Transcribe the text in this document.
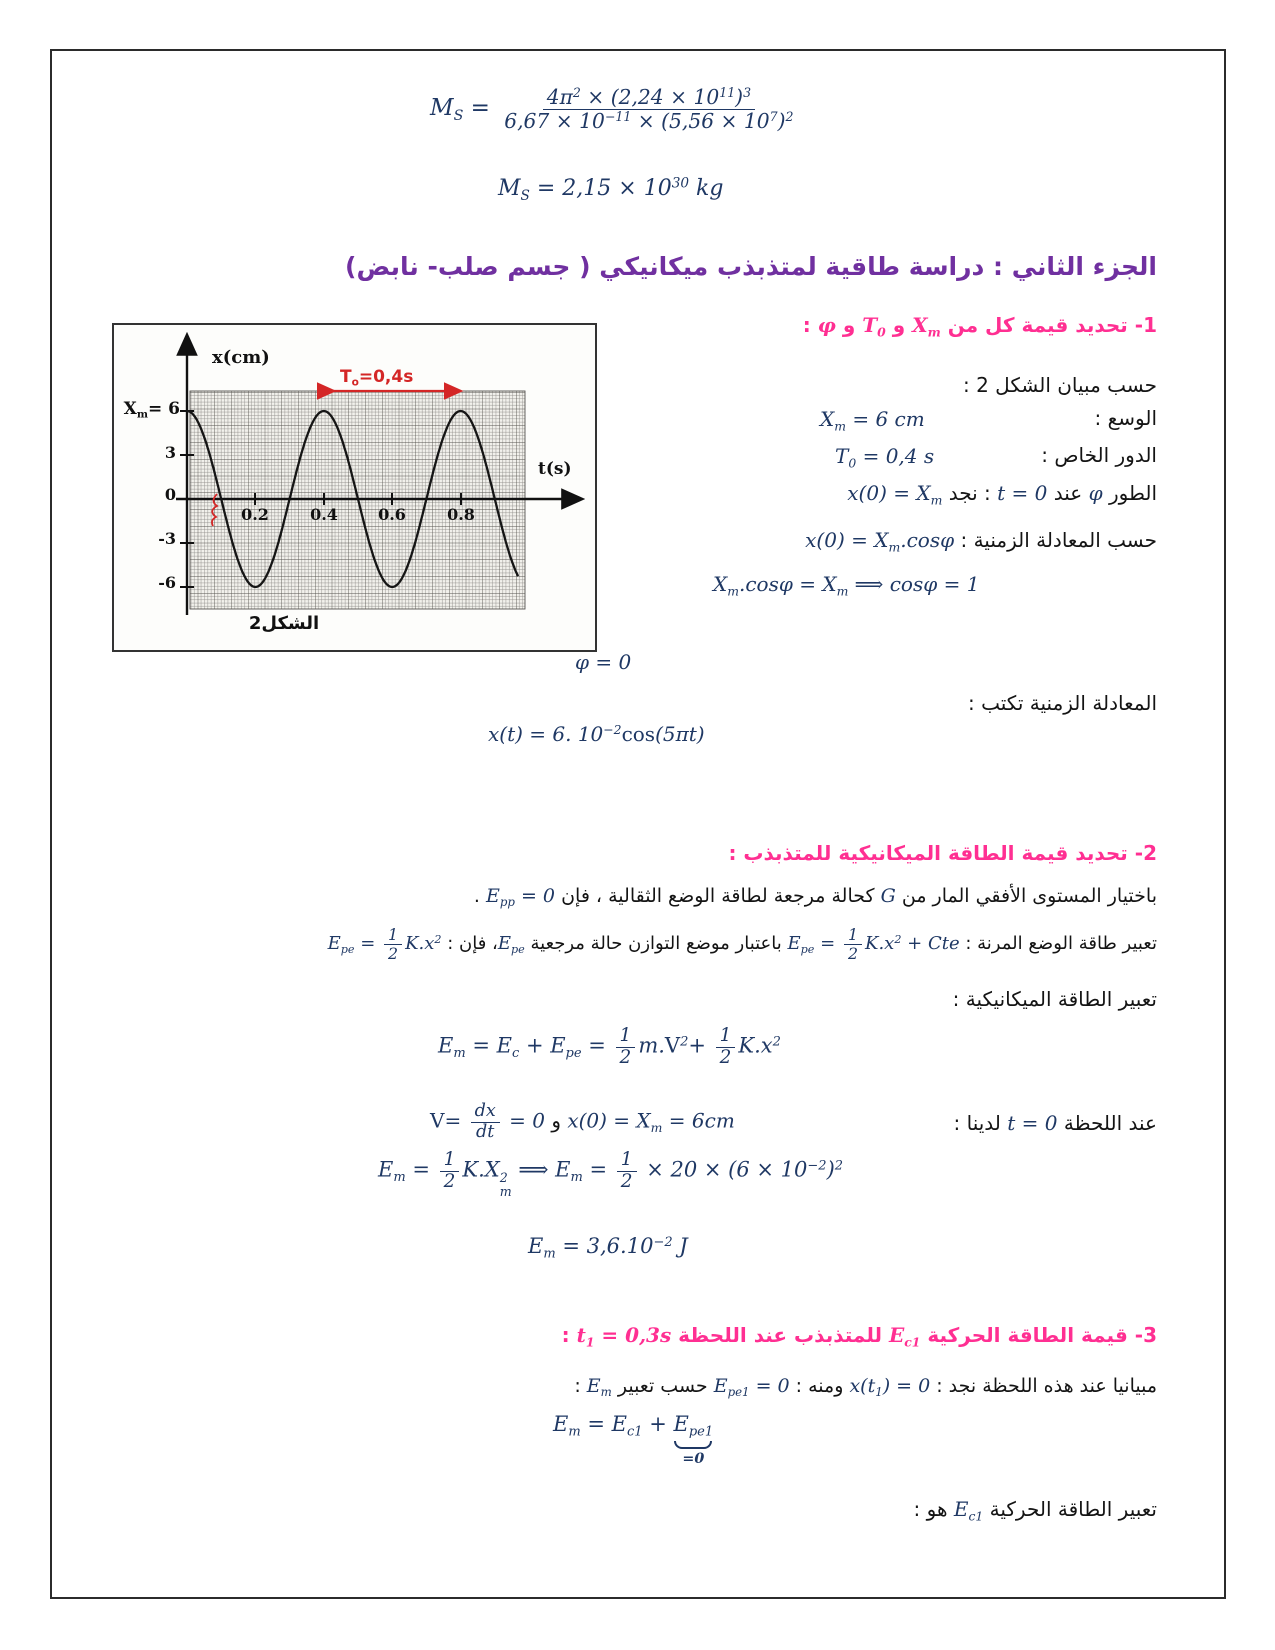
$M_S = \frac{4\pi^2 \times (2,24 \times 10^{11})^3}{6,67 \times 10^{-11} \times (5,56 \times 10^7)^2}$
$M_S = 2,15 \times 10^{30}$ kg
الجزء الثاني : دراسة طاقية لمتذبذب ميكانيكي ( جسم صلب- نابض)
1- تحديد قيمة كل من $X_m$ و $T_0$ و φ :
x(cm)
t(s)
$X_m= 6$
3
0
-3
-6
0.2	0.4	0.6	0.8
$T_o=0,4s$
الشكل2
حسب مبيان الشكل 2 :
الوسع :
$X_m = 6$ cm
الدور الخاص :
$T_0 = 0,4$ s
الطور φ عند t = 0 : نجد $x(0) = X_m$
حسب المعادلة الزمنية : $x(0) = X_m.\cos\varphi$
$X_m.\cos\varphi = X_m$ ⟹ cosφ = 1
φ = 0
المعادلة الزمنية تكتب :
x(t) = 6. $10^{-2}\cos(5\pi t)$
2- تحديد قيمة الطاقة الميكانيكية للمتذبذب :
باختيار المستوى الأفقي المار من G كحالة مرجعة لطاقة الوضع الثقالية ، فإن $E_{pp} = 0$ .
تعبير طاقة الوضع المرنة : $E_{pe} = \frac{1}{2} K.x^2$ + Cte باعتبار موضع التوازن حالة مرجعية $E_{pe}،$ فإن : $E_{pe} = \frac{1}{2} K.x^2$
تعبير الطاقة الميكانيكية :
$E_m = E_c + E_{pe} = \frac{1}{2} m.V^2+ \frac{1}{2} K.x^2$
عند اللحظة t = 0 لدينا :
$V= \frac{dx}{dt} = 0$ و $x(0) = X_m = 6cm$
$E_m = \frac{1}{2} K.X$ 2
m
⟹ $E_m = \frac{1}{2} \times 20 \times (6 \times 10^{-2})^2$
$E_m = 3,6.10^{-2}$ J
3- قيمة الطاقة الحركية $E_{c1}$ للمتذبذب عند اللحظة $t_1 = 0,3s$ :
مبيانيا عند هذه اللحظة نجد : $x(t_1) = 0$ ومنه : $E_{pe1} = 0$ حسب تعبير $E_m$ :
$E_m = E_{c1} + E_{pe1}$
=0
تعبير الطاقة الحركية $E_{c1}$ هو :
